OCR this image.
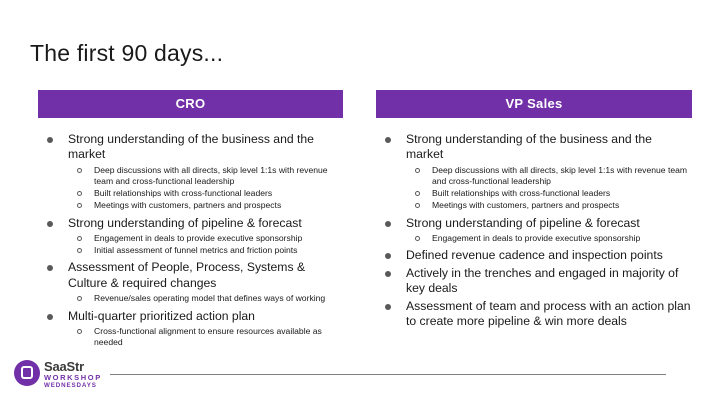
The first 90 days...
CRO
Strong understanding of the business and the market
Deep discussions with all directs, skip level 1:1s with revenue team and cross-functional leadership
Built relationships with cross-functional leaders
Meetings with customers, partners and prospects
Strong understanding of pipeline & forecast
Engagement in deals to provide executive sponsorship
Initial assessment of funnel metrics and friction points
Assessment of People, Process, Systems & Culture & required changes
Revenue/sales operating model that defines ways of working
Multi-quarter prioritized action plan
Cross-functional alignment to ensure resources available as needed
VP Sales
Strong understanding of the business and the market
Deep discussions with all directs, skip level 1:1s with revenue team and cross-functional leadership
Built relationships with cross-functional leaders
Meetings with customers, partners and prospects
Strong understanding of pipeline & forecast
Engagement in deals to provide executive sponsorship
Defined revenue cadence and inspection points
Actively in the trenches and engaged in majority of key deals
Assessment of team and process with an action plan to create more pipeline & win more deals
SaaStr
WORKSHOP
WEDNESDAYS
